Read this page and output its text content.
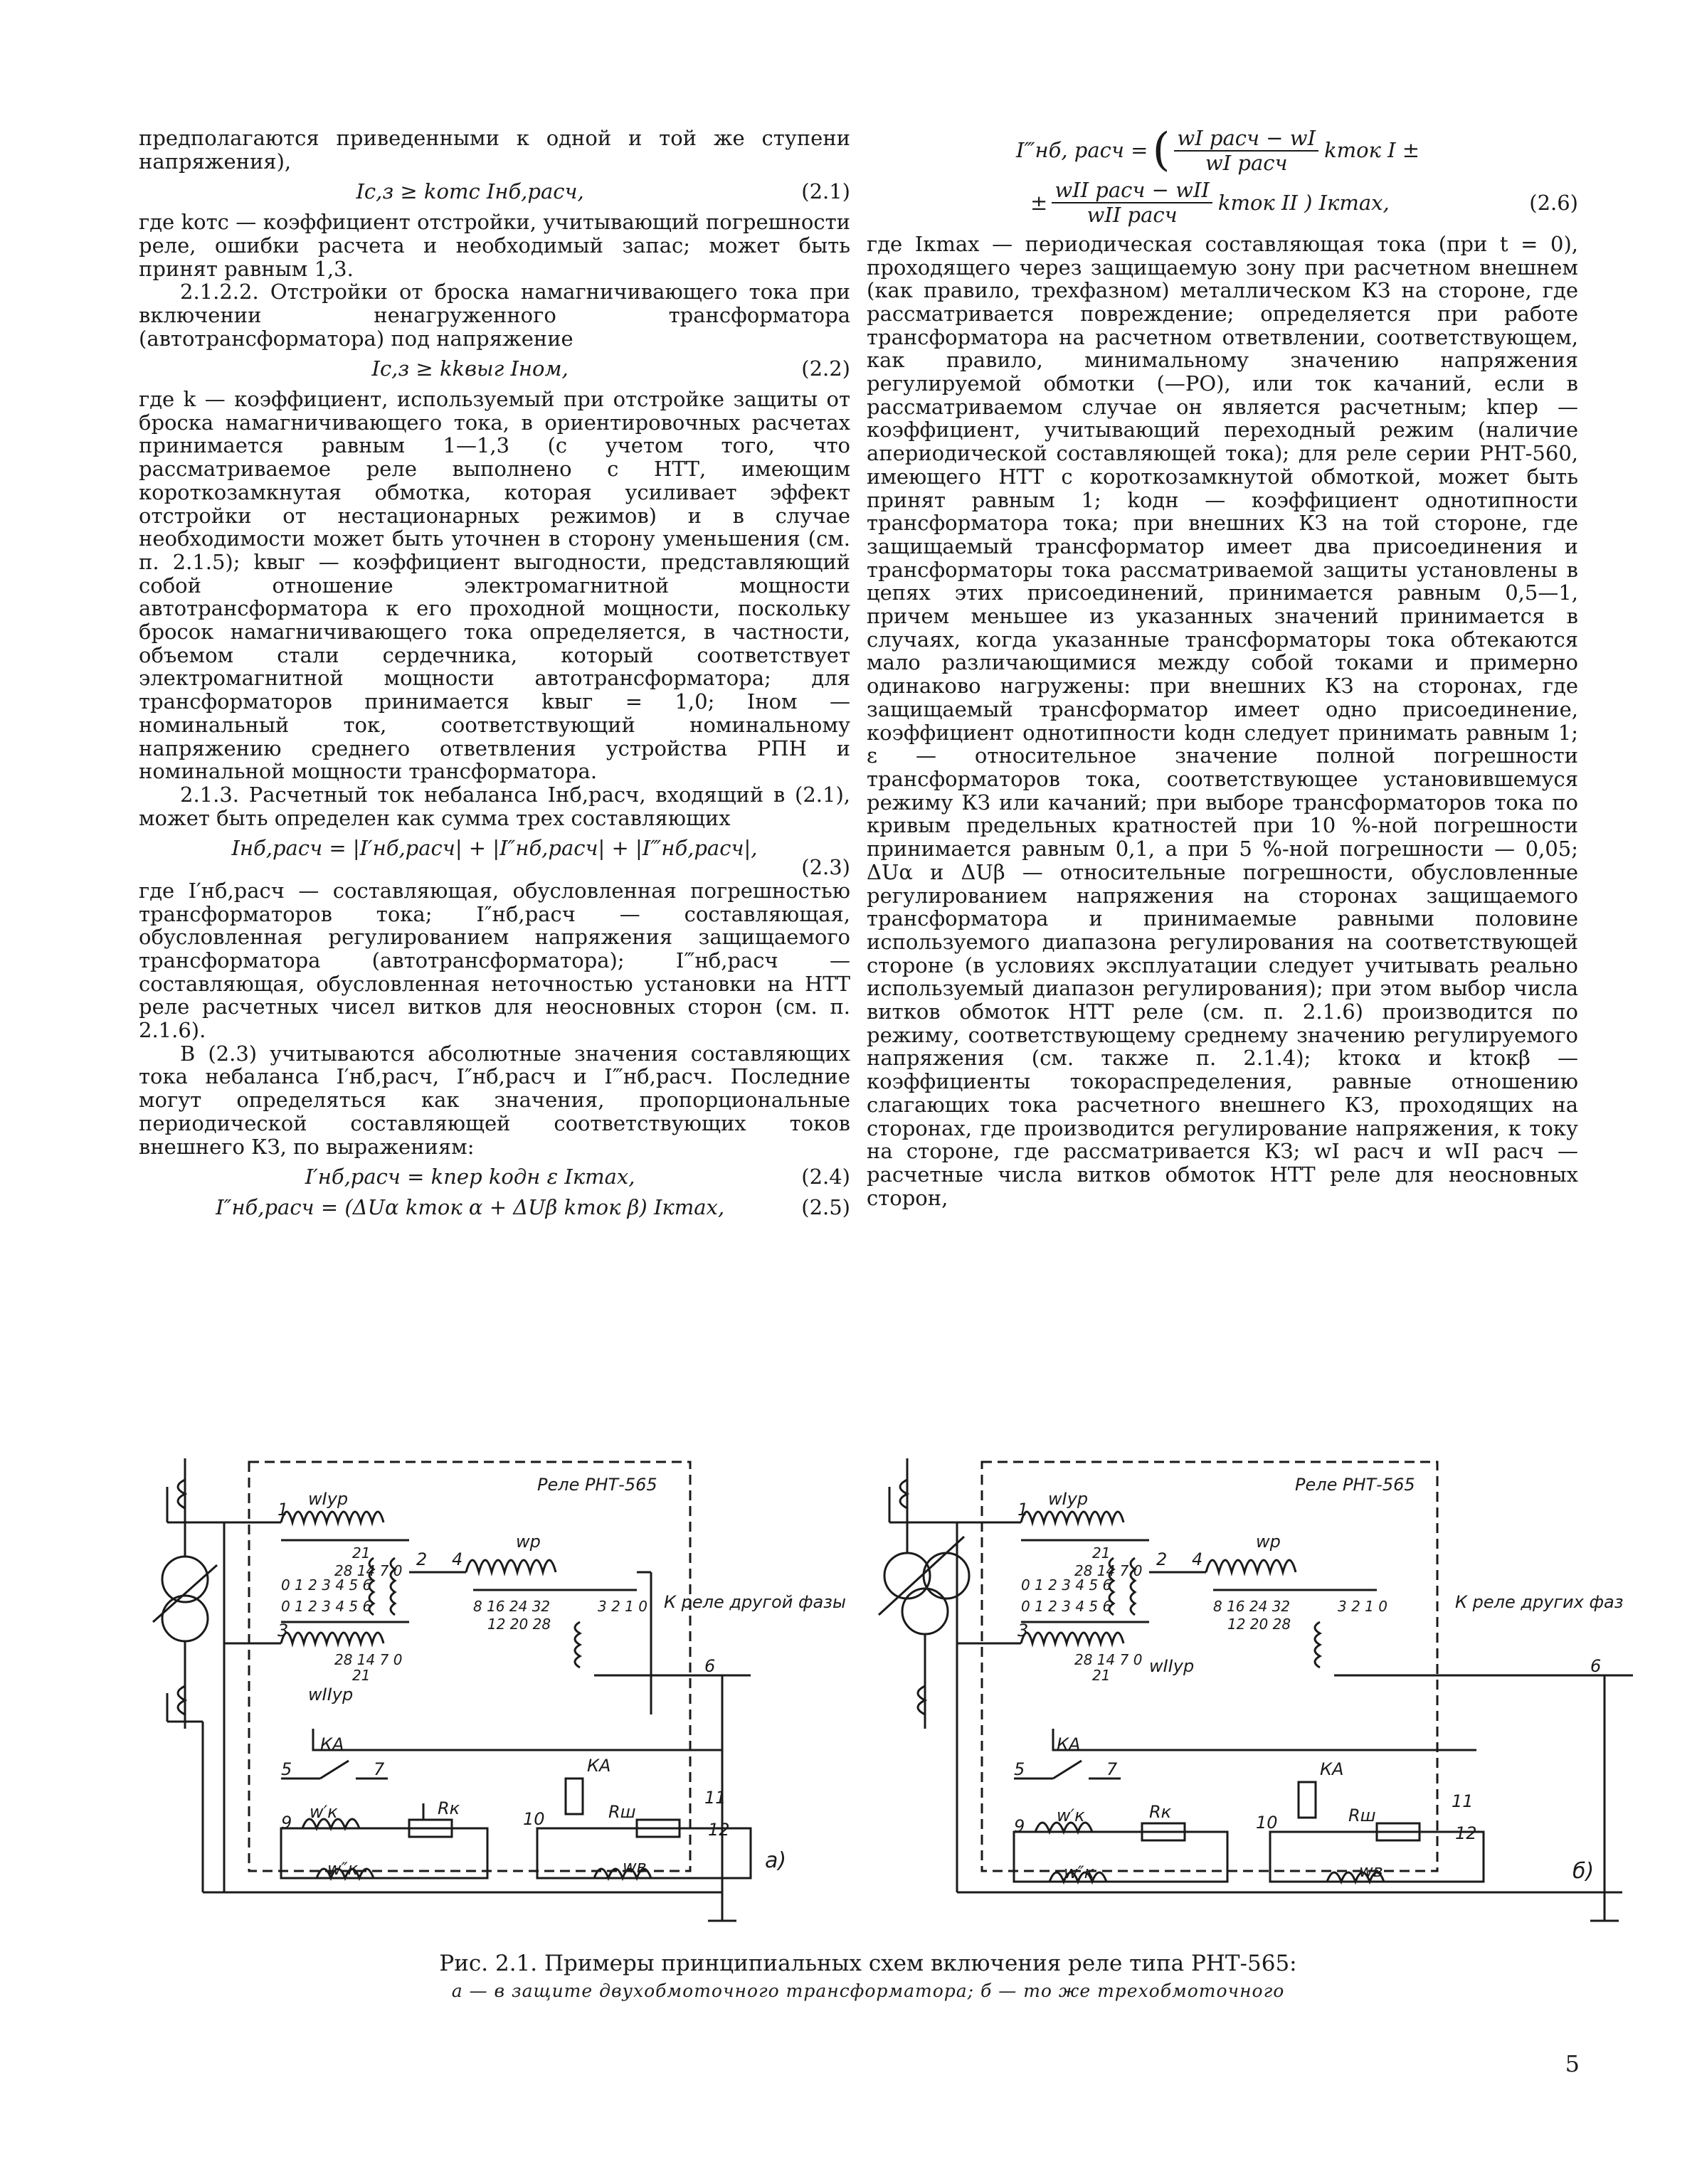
предполагаются приведенными к одной и той же ступени напряжения),

Iс,з ≥ kотс Iнб,расч,	(2.1)

где kотс — коэффициент отстройки, учитывающий погрешности реле, ошибки расчета и необходимый запас; может быть принят равным 1,3.

2.1.2.2. Отстройки от броска намагничивающего тока при включении ненагруженного трансформатора (автотрансформатора) под напряжение

Iс,з ≥ kkвыг Iном,	(2.2)

где k — коэффициент, используемый при отстройке защиты от броска намагничивающего тока, в ориентировочных расчетах принимается равным 1—1,3 (с учетом того, что рассматриваемое реле выполнено с НТТ, имеющим короткозамкнутая обмотка, которая усиливает эффект отстройки от нестационарных режимов) и в случае необходимости может быть уточнен в сторону уменьшения (см. п. 2.1.5); kвыг — коэффициент выгодности, представляющий собой отношение электромагнитной мощности автотрансформатора к его проходной мощности, поскольку бросок намагничивающего тока определяется, в частности, объемом стали сердечника, который соответствует электромагнитной мощности автотрансформатора; для трансформаторов принимается kвыг = 1,0; Iном — номинальный ток, соответствующий номинальному напряжению среднего ответвления устройства РПН и номинальной мощности трансформатора.

2.1.3. Расчетный ток небаланса Iнб,расч, входящий в (2.1), может быть определен как сумма трех составляющих

Iнб,расч = |I′нб,расч| + |I″нб,расч| + |I‴нб,расч|,
(2.3)

где I′нб,расч — составляющая, обусловленная погрешностью трансформаторов тока; I″нб,расч — составляющая, обусловленная регулированием напряжения защищаемого трансформатора (автотрансформатора); I‴нб,расч — составляющая, обусловленная неточностью установки на НТТ реле расчетных чисел витков для неосновных сторон (см. п. 2.1.6).

В (2.3) учитываются абсолютные значения составляющих тока небаланса I′нб,расч, I″нб,расч и I‴нб,расч. Последние могут определяться как значения, пропорциональные периодической составляющей соответствующих токов внешнего КЗ, по выражениям:

I′нб,расч = kпер kодн ε Iкmax,	(2.4)
I″нб,расч = (ΔUα kток α + ΔUβ kток β) Iкmax,	(2.5)
I‴нб, расч = ( $\frac{\text{wI расч − wI}}{\text{wI расч}}$ kток I ±
± $\frac{\text{wII расч − wII}}{\text{wII расч}}$ kток II ) Iкmax,	(2.6)

где Iкmax — периодическая составляющая тока (при t = 0), проходящего через защищаемую зону при расчетном внешнем (как правило, трехфазном) металлическом КЗ на стороне, где рассматривается повреждение; определяется при работе трансформатора на расчетном ответвлении, соответствующем, как правило, минимальному значению напряжения регулируемой обмотки (—РО), или ток качаний, если в рассматриваемом случае он является расчетным; kпер — коэффициент, учитывающий переходный режим (наличие апериодической составляющей тока); для реле серии РНТ-560, имеющего НТТ с короткозамкнутой обмоткой, может быть принят равным 1; kодн — коэффициент однотипности трансформатора тока; при внешних КЗ на той стороне, где защищаемый трансформатор имеет два присоединения и трансформаторы тока рассматриваемой защиты установлены в цепях этих присоединений, принимается равным 0,5—1, причем меньшее из указанных значений принимается в случаях, когда указанные трансформаторы тока обтекаются мало различающимися между собой токами и примерно одинаково нагружены: при внешних КЗ на сторонах, где защищаемый трансформатор имеет одно присоединение, коэффициент однотипности kодн следует принимать равным 1; ε — относительное значение полной погрешности трансформаторов тока, соответствующее установившемуся режиму КЗ или качаний; при выборе трансформаторов тока по кривым предельных кратностей при 10 %-ной погрешности принимается равным 0,1, а при 5 %-ной погрешности — 0,05; ΔUα и ΔUβ — относительные погрешности, обусловленные регулированием напряжения на сторонах защищаемого трансформатора и принимаемые равными половине используемого диапазона регулирования на соответствующей стороне (в условиях эксплуатации следует учитывать реально используемый диапазон регулирования); при этом выбор числа витков обмоток НТТ реле (см. п. 2.1.6) производится по режиму, соответствующему среднему значению регулируемого напряжения (см. также п. 2.1.4); kтокα и kтокβ — коэффициенты токораспределения, равные отношению слагающих тока расчетного внешнего КЗ, проходящих на сторонах, где производится регулирование напряжения, к току на стороне, где рассматривается КЗ; wI расч и wII расч — расчетные числа витков обмоток НТТ реле для неосновных сторон,

Реле РНТ-565
wIур
21
28 14 7 0
0 1 2 3 4 5 6
0 1 2 3 4 5 6
28 14 7 0
21
wIIур
wр
3 2 1 0
8 16 24 32
12 20 28
К реле другой фазы
КА
КА
w′к
w″к
Rк	Rш
wв	а)
1
2
3
4
5
6
7
9	10
11
12
Реле РНТ-565
wIур
21
28 14 7 0
0 1 2 3 4 5 6
0 1 2 3 4 5 6
28 14 7 0
21 wIIур
wр
3 2 1 0
8 16 24 32
12 20 28
К реле других фаз
КА
КА
w′к
w″к
Rк	Rш
wв	б)
1
2
3
4
5
6
7
9	10
11
12
Рис. 2.1. Примеры принципиальных схем включения реле типа РНТ-565:
а — в защите двухобмоточного трансформатора; б — то же трехобмоточного
5
